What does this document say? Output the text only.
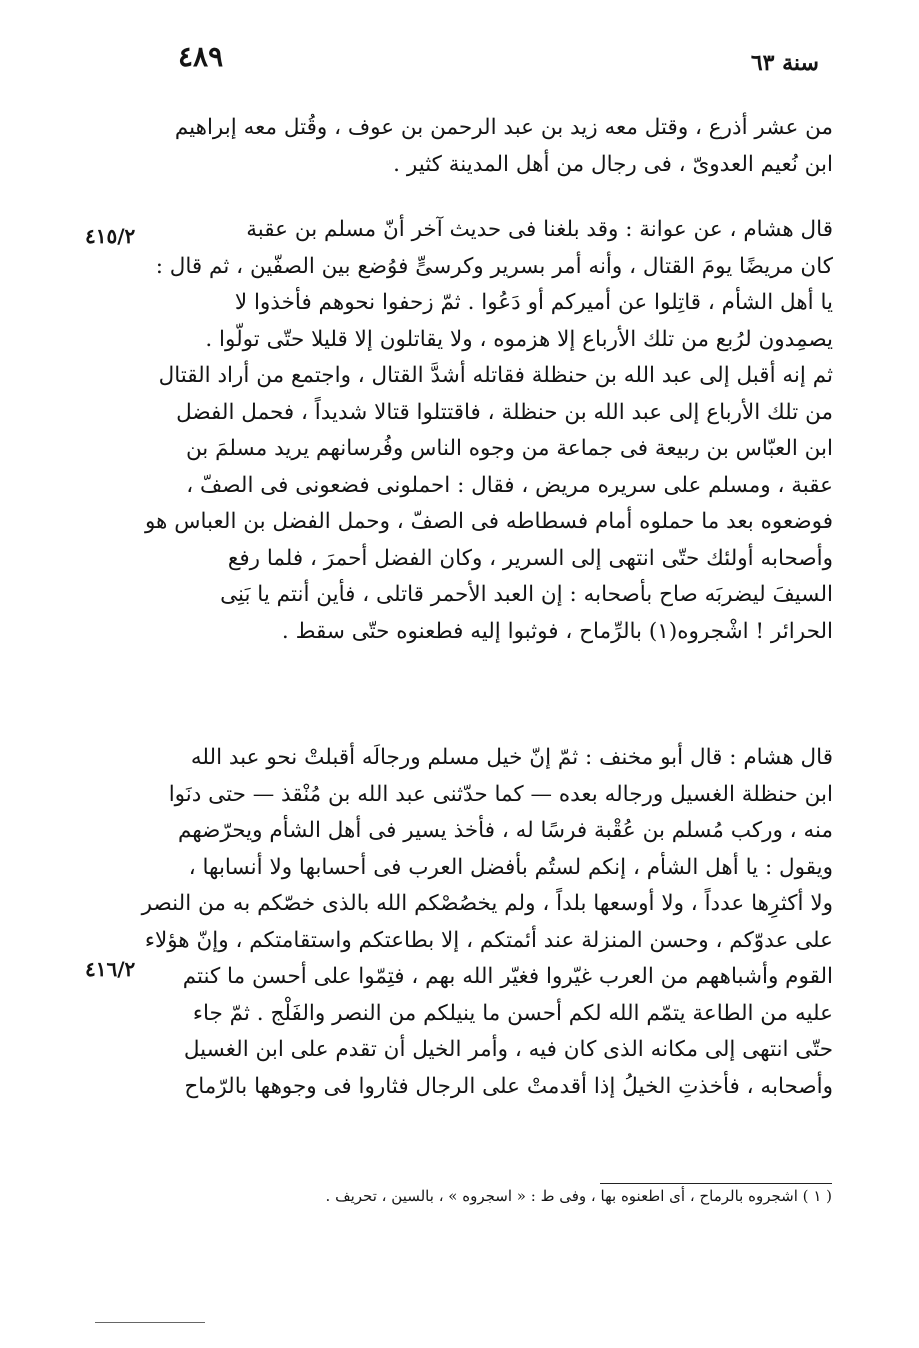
٤٨٩	سنة ٦٣
من عشر أذرع ، وقتل معه زيد بن عبد الرحمن بن عوف ، وقُتل معه إبراهيم
ابن نُعيم العدوىّ ، فى رجال من أهل المدينة كثير .
٤١٥/٢	قال هشام ، عن عوانة : وقد بلغنا فى حديث آخر أنّ مسلم بن عقبة
كان مريضًا يومَ القتال ، وأنه أمر بسرير وكرسىٍّ فوُضع بين الصفّين ، ثم قال :
يا أهل الشأم ، قاتِلوا عن أميركم أو دَعُوا . ثمّ زحفوا نحوهم فأخذوا لا
يصمِدون لرُبع من تلك الأرباع إلا هزموه ، ولا يقاتلون إلا قليلا حتّى تولّوا .
ثم إنه أقبل إلى عبد الله بن حنظلة فقاتله أشدَّ القتال ، واجتمع من أراد القتال
من تلك الأرباع إلى عبد الله بن حنظلة ، فاقتتلوا قتالا شديداً ، فحمل الفضل
ابن العبّاس بن ربيعة فى جماعة من وجوه الناس وفُرسانهم يريد مسلمَ بن
عقبة ، ومسلم على سريره مريض ، فقال : احملونى فضعونى فى الصفّ ،
فوضعوه بعد ما حملوه أمام فسطاطه فى الصفّ ، وحمل الفضل بن العباس هو
وأصحابه أولئك حتّى انتهى إلى السرير ، وكان الفضل أحمرَ ، فلما رفع
السيفَ ليضربَه صاح بأصحابه : إن العبد الأحمر قاتلى ، فأين أنتم يا بَنِى
الحرائر ! اشْجروه(١) بالرِّماح ، فوثبوا إليه فطعنوه حتّى سقط .
قال هشام : قال أبو مخنف : ثمّ إنّ خيل مسلم ورجالَه أقبلتْ نحو عبد الله
ابن حنظلة الغسيل ورجاله بعده — كما حدّثنى عبد الله بن مُنْقذ — حتى دنَوا
منه ، وركب مُسلم بن عُقْبة فرسًا له ، فأخذ يسير فى أهل الشأم ويحرّضهم
ويقول : يا أهل الشأم ، إنكم لستُم بأفضل العرب فى أحسابها ولا أنسابها ،
ولا أكثرِها عدداً ، ولا أوسعها بلداً ، ولم يخصُصْكم الله بالذى خصّكم به من النصر
على عدوّكم ، وحسن المنزلة عند أئمتكم ، إلا بطاعتكم واستقامتكم ، وإنّ هؤلاء
القوم وأشباههم من العرب غيّروا فغيّر الله بهم ، فتِمّوا على أحسن ما كنتم
عليه من الطاعة يتمّم الله لكم أحسن ما ينيلكم من النصر والفَلْج . ثمّ جاء
حتّى انتهى إلى مكانه الذى كان فيه ، وأمر الخيل أن تقدم على ابن الغسيل
وأصحابه ، فأخذتِ الخيلُ إذا أقدمتْ على الرجال فثاروا فى وجوهها بالرّماح
٤١٦/٢
( ١ ) اشجروه بالرماح ، أى اطعنوه بها ، وفى ط : « اسجروه » ، بالسين ، تحريف .
